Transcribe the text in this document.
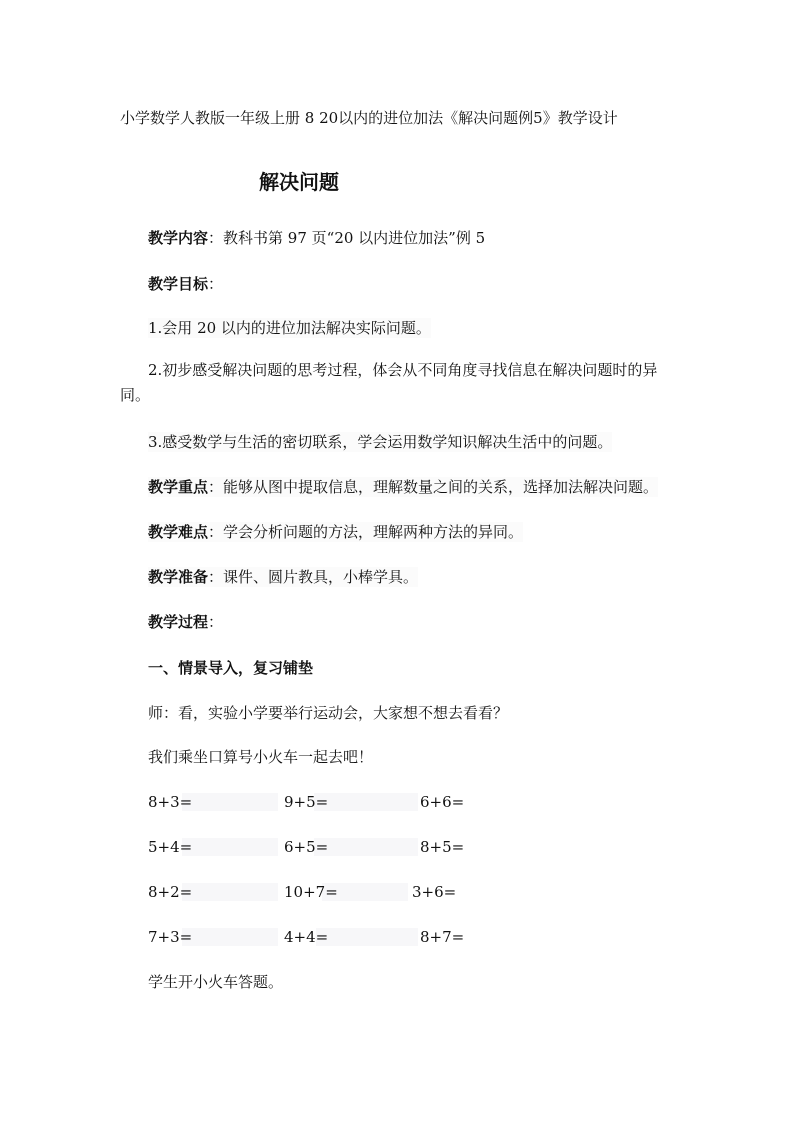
小学数学人教版一年级上册 8 20以内的进位加法《解决问题例5》教学设计
解决问题
教学内容：教科书第 97 页“20 以内进位加法”例 5
教学目标：
1.会用 20 以内的进位加法解决实际问题。
2.初步感受解决问题的思考过程，体会从不同角度寻找信息在解决问题时的异同。
3.感受数学与生活的密切联系，学会运用数学知识解决生活中的问题。
教学重点：能够从图中提取信息，理解数量之间的关系，选择加法解决问题。
教学难点：学会分析问题的方法，理解两种方法的异同。
教学准备：课件、圆片教具，小棒学具。
教学过程：
一、情景导入，复习铺垫
师：看，实验小学要举行运动会，大家想不想去看看？
我们乘坐口算号小火车一起去吧！
8+3=	9+5=	6+6=
5+4=	6+5=	8+5=
8+2=	10+7=	3+6=
7+3=	4+4=	8+7=
学生开小火车答题。
